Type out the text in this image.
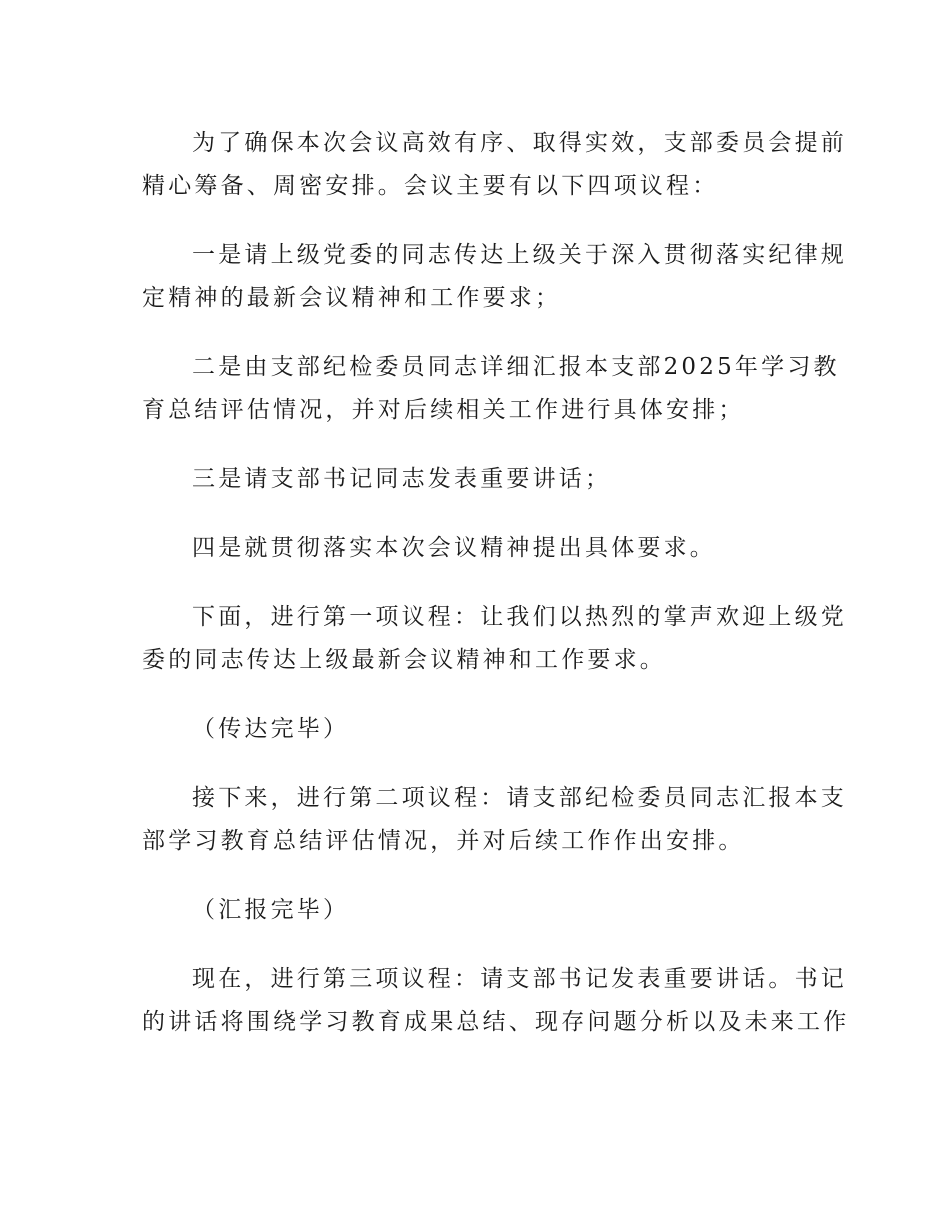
为了确保本次会议高效有序、取得实效，支部委员会提前
精心筹备、周密安排。会议主要有以下四项议程：

一是请上级党委的同志传达上级关于深入贯彻落实纪律规
定精神的最新会议精神和工作要求；

二是由支部纪检委员同志详细汇报本支部2025年学习教
育总结评估情况，并对后续相关工作进行具体安排；

三是请支部书记同志发表重要讲话；

四是就贯彻落实本次会议精神提出具体要求。

下面，进行第一项议程：让我们以热烈的掌声欢迎上级党
委的同志传达上级最新会议精神和工作要求。

（传达完毕）

接下来，进行第二项议程：请支部纪检委员同志汇报本支
部学习教育总结评估情况，并对后续工作作出安排。

（汇报完毕）

现在，进行第三项议程：请支部书记发表重要讲话。书记
的讲话将围绕学习教育成果总结、现存问题分析以及未来工作
